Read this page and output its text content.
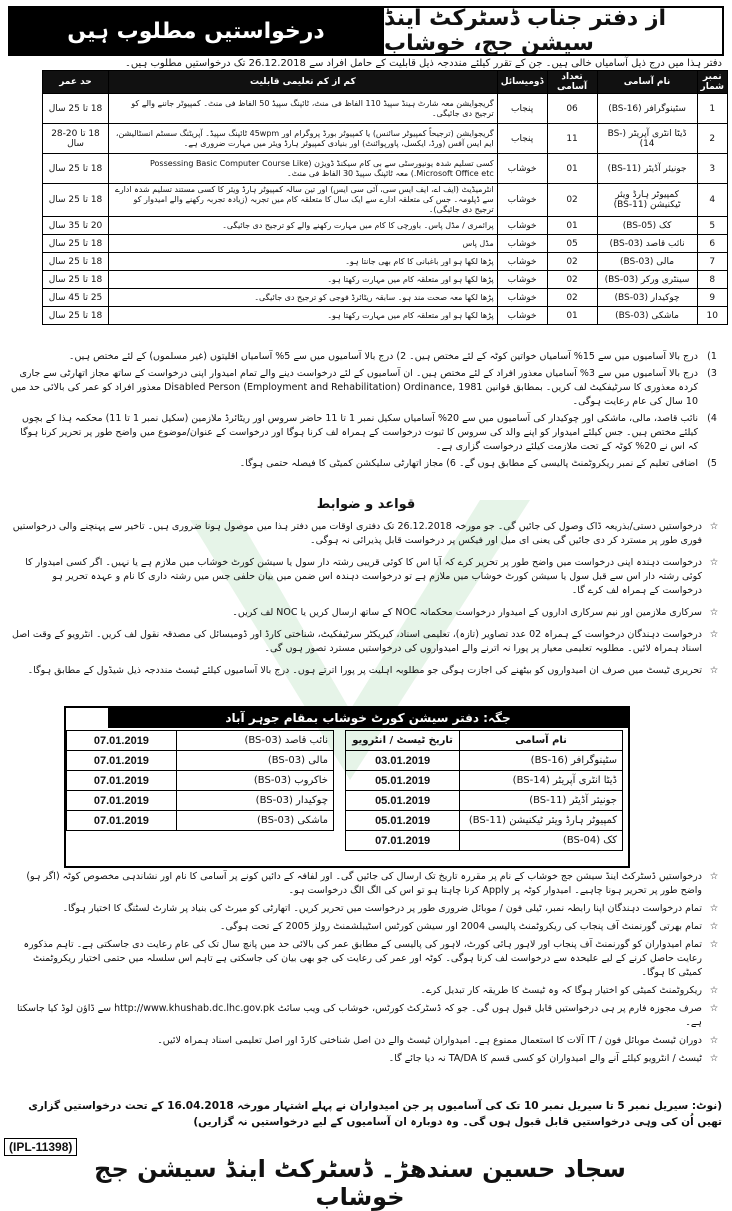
درخواستیں مطلوب ہیں	از دفتر جناب ڈسٹرکٹ اینڈ سیشن جج، خوشاب
دفتر ہذا میں درج ذیل آسامیاں خالی ہیں۔ جن کے تقرر کیلئے منددجہ ذیل قابلیت کے حامل افراد سے 26.12.2018 تک درخواستیں مطلوب ہیں۔
نمبر شمار	نام آسامی	تعداد آسامی	ڈومیسائل	کم از کم تعلیمی قابلیت	حد عمر
1	سٹینوگرافر (BS-16)	06	پنجاب	گریجوایشن معہ شارٹ ہینڈ سپیڈ 110 الفاظ فی منٹ، ٹائپنگ سپیڈ 50 الفاظ فی منٹ۔ کمپیوٹر جاننے والے کو ترجیح دی جائیگی۔	18 تا 25 سال
2	ڈیٹا انٹری آپریٹر (BS-14)	11	پنجاب	گریجوایشن (ترجیحاً کمپیوٹر سائنس) یا کمپیوٹر بورڈ پروگرام اور 45wpm ٹائپنگ سپیڈ۔ آپریٹنگ سسٹم انسٹالیشن، ایم ایس آفس (ورڈ، ایکسل، پاورپوائنٹ) اور بنیادی کمپیوٹر ہارڈ ویئر میں مہارت ضروری ہے۔	18 تا 20-28 سال
3	جونیئر آڈیٹر (BS-11)	01	خوشاب	کسی تسلیم شدہ یونیورسٹی سے بی کام سیکنڈ ڈویژن (Possessing Basic Computer Course Like Microsoft Office etc.) معہ ٹائپنگ سپیڈ 30 الفاظ فی منٹ۔	18 تا 25 سال
4	کمپیوٹر ہارڈ ویئر ٹیکنیشن (BS-11)	02	خوشاب	انٹرمیڈیٹ (ایف اے، ایف ایس سی، آئی سی ایس) اور تین سالہ کمپیوٹر ہارڈ ویئر کا کسی مستند تسلیم شدہ ادارے سے ڈپلومہ۔ جس کی متعلقہ ادارے سے ایک سال کا متعلقہ کام میں تجربہ (زیادہ تجربہ رکھنے والے امیدوار کو ترجیح دی جائیگی)۔	18 تا 25 سال
5	کک (BS-05)	01	خوشاب	پرائمری / مڈل پاس۔ باورچی کا کام میں مہارت رکھنے والے کو ترجیح دی جائیگی۔	20 تا 35 سال
6	نائب قاصد (BS-03)	05	خوشاب	مڈل پاس	18 تا 25 سال
7	مالی (BS-03)	02	خوشاب	پڑھا لکھا ہو اور باغبانی کا کام بھی جانتا ہو۔	18 تا 25 سال
8	سینٹری ورکر (BS-03)	02	خوشاب	پڑھا لکھا ہو اور متعلقہ کام میں مہارت رکھتا ہو۔	18 تا 25 سال
9	چوکیدار (BS-03)	02	خوشاب	پڑھا لکھا معہ صحت مند ہو۔ سابقہ ریٹائرڈ فوجی کو ترجیح دی جائیگی۔	25 تا 45 سال
10	ماشکی (BS-03)	01	خوشاب	پڑھا لکھا ہو اور متعلقہ کام میں مہارت رکھتا ہو۔	18 تا 25 سال
1)
درج بالا آسامیوں میں سے 15% آسامیاں خواتین کوٹہ کے لئے مختص ہیں۔ 2) درج بالا آسامیوں میں سے 5% آسامیاں اقلیتوں (غیر مسلموں) کے لئے مختص ہیں۔
3)
درج بالا آسامیوں میں سے 3% آسامیاں معذور افراد کے لئے مختص ہیں۔ ان آسامیوں کے لئے درخواست دینے والے تمام امیدوار اپنی درخواست کے ساتھ مجاز اتھارٹی سے جاری کردہ معذوری کا سرٹیفکیٹ لف کریں۔ بمطابق قوانین Disabled Person (Employment and Rehabilitation) Ordinance, 1981 معذور افراد کو عمر کی بالائی حد میں 10 سال کی عام رعایت ہوگی۔
4)
نائب قاصد، مالی، ماشکی اور چوکیدار کی آسامیوں میں سے 20% آسامیاں سکیل نمبر 1 تا 11 حاضر سروس اور ریٹائرڈ ملازمین (سکیل نمبر 1 تا 11) محکمہ ہذا کے بچوں کیلئے مختص ہیں۔ جس کیلئے امیدوار کو اپنے والد کی سروس کا ثبوت درخواست کے ہمراہ لف کرنا ہوگا اور درخواست کے عنوان/موضوع میں واضح طور پر تحریر کرنا ہوگا کہ اس نے 20% کوٹہ کے تحت ملازمت کیلئے درخواست گزاری ہے۔
5)
اضافی تعلیم کے نمبر ریکروٹمنٹ پالیسی کے مطابق ہوں گے۔ 6) مجاز اتھارٹی سلیکشن کمیٹی کا فیصلہ حتمی ہوگا۔
قواعد و ضوابط
☆
درخواستیں دستی/بذریعہ ڈاک وصول کی جائیں گی۔ جو مورخہ 26.12.2018 تک دفتری اوقات میں دفتر ہذا میں موصول ہونا ضروری ہیں۔ تاخیر سے پہنچنے والی درخواستیں فوری طور پر مسترد کر دی جائیں گی یعنی ای میل اور فیکس پر درخواست قابل پذیرائی نہ ہوگی۔
☆
درخواست دہندہ اپنی درخواست میں واضح طور پر تحریر کرے کہ آیا اس کا کوئی قریبی رشتہ دار سول یا سیشن کورٹ خوشاب میں ملازم ہے یا نہیں۔ اگر کسی امیدوار کا کوئی رشتہ دار اس سے قبل سول یا سیشن کورٹ خوشاب میں ملازم ہے تو درخواست دہندہ اس ضمن میں بیان حلفی جس میں رشتہ داری کا نام و عہدہ تحریر ہو درخواست کے ہمراہ لف کرے گا۔
☆
سرکاری ملازمین اور نیم سرکاری اداروں کے امیدوار درخواست محکمانہ NOC کے ساتھ ارسال کریں یا NOC لف کریں۔
☆
درخواست دہندگان درخواست کے ہمراہ 02 عدد تصاویر (تازہ)، تعلیمی اسناد، کیریکٹر سرٹیفکیٹ، شناختی کارڈ اور ڈومیسائل کی مصدقہ نقول لف کریں۔ انٹرویو کے وقت اصل اسناد ہمراہ لائیں۔ مطلوبہ تعلیمی معیار پر پورا نہ اترنے والے امیدواروں کی درخواستیں مسترد تصور ہوں گی۔
☆
تحریری ٹیسٹ میں صرف ان امیدواروں کو بیٹھنے کی اجازت ہوگی جو مطلوبہ اہلیت پر پورا اترتے ہوں۔ درج بالا آسامیوں کیلئے ٹیسٹ منددجہ ذیل شیڈول کے مطابق ہوگا۔
جگہ: دفتر سیشن کورٹ خوشاب بمقام جوہر آباد
نام آسامی	تاریخ ٹیسٹ / انٹرویو
سٹینوگرافر (BS-16)	03.01.2019
ڈیٹا انٹری آپریٹر (BS-14)	05.01.2019
جونیئر آڈیٹر (BS-11)	05.01.2019
کمپیوٹر ہارڈ ویئر ٹیکنیشن (BS-11)	05.01.2019
کک (BS-04)	07.01.2019
نائب قاصد (BS-03)	07.01.2019
مالی (BS-03)	07.01.2019
خاکروب (BS-03)	07.01.2019
چوکیدار (BS-03)	07.01.2019
ماشکی (BS-03)	07.01.2019
☆
درخواستیں ڈسٹرکٹ اینڈ سیشن جج خوشاب کے نام پر مقررہ تاریخ تک ارسال کی جائیں گی۔ اور لفافہ کے دائیں کونے پر آسامی کا نام اور نشاندہی مخصوص کوٹہ (اگر ہو) واضح طور پر تحریر ہونا چاہیے۔ امیدوار کوٹہ پر Apply کرنا چاہتا ہو تو اس کی الگ الگ درخواست ہو۔
☆
تمام درخواست دہندگان اپنا رابطہ نمبر، ٹیلی فون / موبائل ضروری طور پر درخواست میں تحریر کریں۔ اتھارٹی کو میرٹ کی بنیاد پر شارٹ لسٹنگ کا اختیار ہوگا۔
☆
تمام بھرتی گورنمنٹ آف پنجاب کی ریکروٹمنٹ پالیسی 2004 اور سیشن کورٹس اسٹیبلشمنٹ رولز 2005 کے تحت ہوگی۔
☆
تمام امیدواران کو گورنمنٹ آف پنجاب اور لاہور ہائی کورٹ، لاہور کی پالیسی کے مطابق عمر کی بالائی حد میں پانچ سال تک کی عام رعایت دی جاسکتی ہے۔ تاہم مذکورہ رعایت حاصل کرنے کے لیے علیحدہ سے درخواست لف کرنا ہوگی۔ کوٹہ اور عمر کی رعایت کی جو بھی بیان کی جاسکتی ہے تاہم اس سلسلہ میں حتمی اختیار ریکروٹمنٹ کمیٹی کا ہوگا۔
☆
ریکروٹمنٹ کمیٹی کو اختیار ہوگا کہ وہ ٹیسٹ کا طریقہ کار تبدیل کرے۔
☆
صرف مجوزہ فارم پر ہی درخواستیں قابل قبول ہوں گی۔ جو کہ ڈسٹرکٹ کورٹس، خوشاب کی ویب سائٹ http://www.khushab.dc.lhc.gov.pk سے ڈاؤن لوڈ کیا جاسکتا ہے۔
☆
دوران ٹیسٹ موبائل فون / IT آلات کا استعمال ممنوع ہے۔ امیدواران ٹیسٹ والے دن اصل شناختی کارڈ اور اصل تعلیمی اسناد ہمراہ لائیں۔
☆
ٹیسٹ / انٹرویو کیلئے آنے والے امیدواران کو کسی قسم کا TA/DA نہ دیا جائے گا۔
(نوٹ: سیریل نمبر 5 تا سیریل نمبر 10 تک کی آسامیوں پر جن امیدواران نے پہلے اشتہار مورخہ 16.04.2018 کے تحت درخواستیں گزاری تھیں اُن کی وہی درخواستیں قابل قبول ہوں گی۔ وہ دوبارہ ان آسامیوں کے لیے درخواستیں نہ گزاریں)
(IPL-11398)
سجاد حسین سندھڑ۔ ڈسٹرکٹ اینڈ سیشن جج خوشاب
